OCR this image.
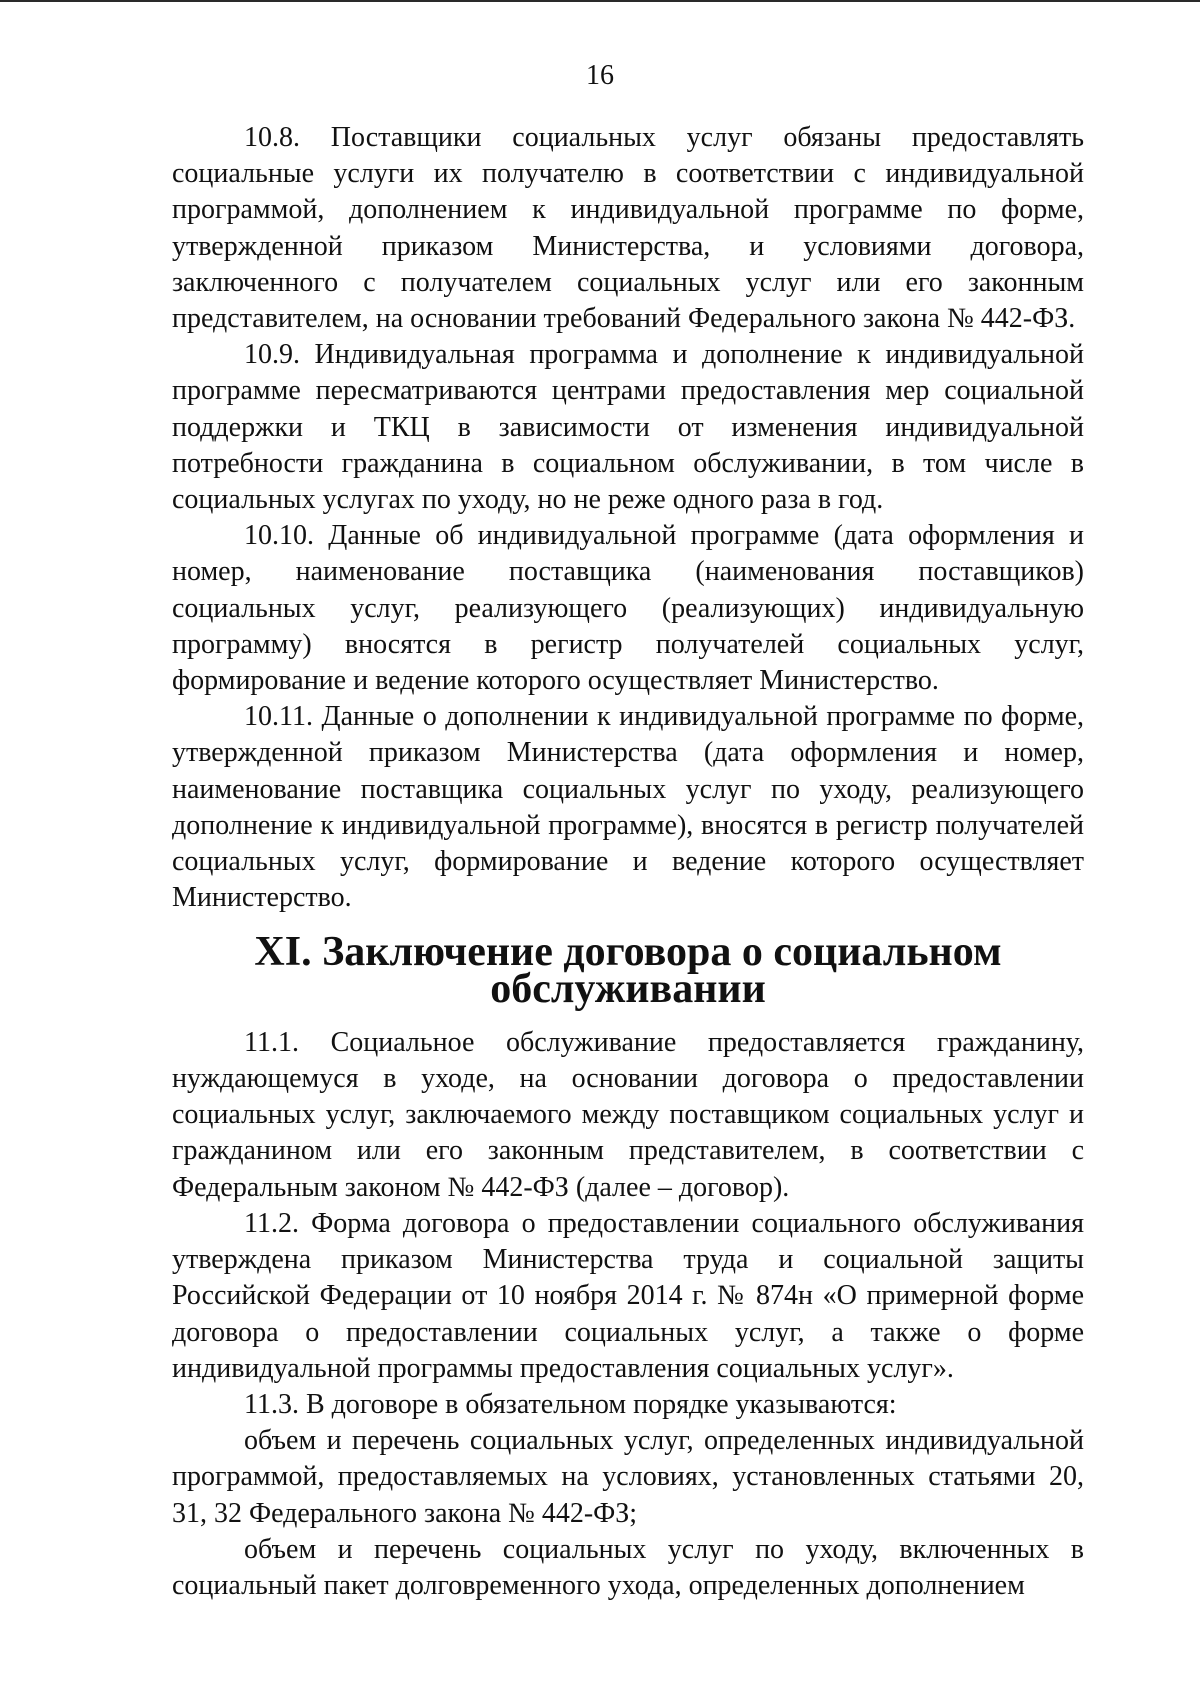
16

10.8. Поставщики социальных услуг обязаны предоставлять социальные услуги их получателю в соответствии с индивидуальной программой, дополнением к индивидуальной программе по форме, утвержденной приказом Министерства, и условиями договора, заключенного с получателем социальных услуг или его законным представителем, на основании требований Федерального закона № 442-ФЗ.

10.9. Индивидуальная программа и дополнение к индивидуальной программе пересматриваются центрами предоставления мер социальной поддержки и ТКЦ в зависимости от изменения индивидуальной потребности гражданина в социальном обслуживании, в том числе в социальных услугах по уходу, но не реже одного раза в год.

10.10. Данные об индивидуальной программе (дата оформления и номер, наименование поставщика (наименования поставщиков) социальных услуг, реализующего (реализующих) индивидуальную программу) вносятся в регистр получателей социальных услуг, формирование и ведение которого осуществляет Министерство.

10.11. Данные о дополнении к индивидуальной программе по форме, утвержденной приказом Министерства (дата оформления и номер, наименование поставщика социальных услуг по уходу, реализующего дополнение к индивидуальной программе), вносятся в регистр получателей социальных услуг, формирование и ведение которого осуществляет Министерство.

XI. Заключение договора о социальном обслуживании

11.1. Социальное обслуживание предоставляется гражданину, нуждающемуся в уходе, на основании договора о предоставлении социальных услуг, заключаемого между поставщиком социальных услуг и гражданином или его законным представителем, в соответствии с Федеральным законом № 442-ФЗ (далее – договор).

11.2. Форма договора о предоставлении социального обслуживания утверждена приказом Министерства труда и социальной защиты Российской Федерации от 10 ноября 2014 г. № 874н «О примерной форме договора о предоставлении социальных услуг, а также о форме индивидуальной программы предоставления социальных услуг».

11.3. В договоре в обязательном порядке указываются:

объем и перечень социальных услуг, определенных индивидуальной программой, предоставляемых на условиях, установленных статьями 20, 31, 32 Федерального закона № 442-ФЗ;

объем и перечень социальных услуг по уходу, включенных в социальный пакет долговременного ухода, определенных дополнением
